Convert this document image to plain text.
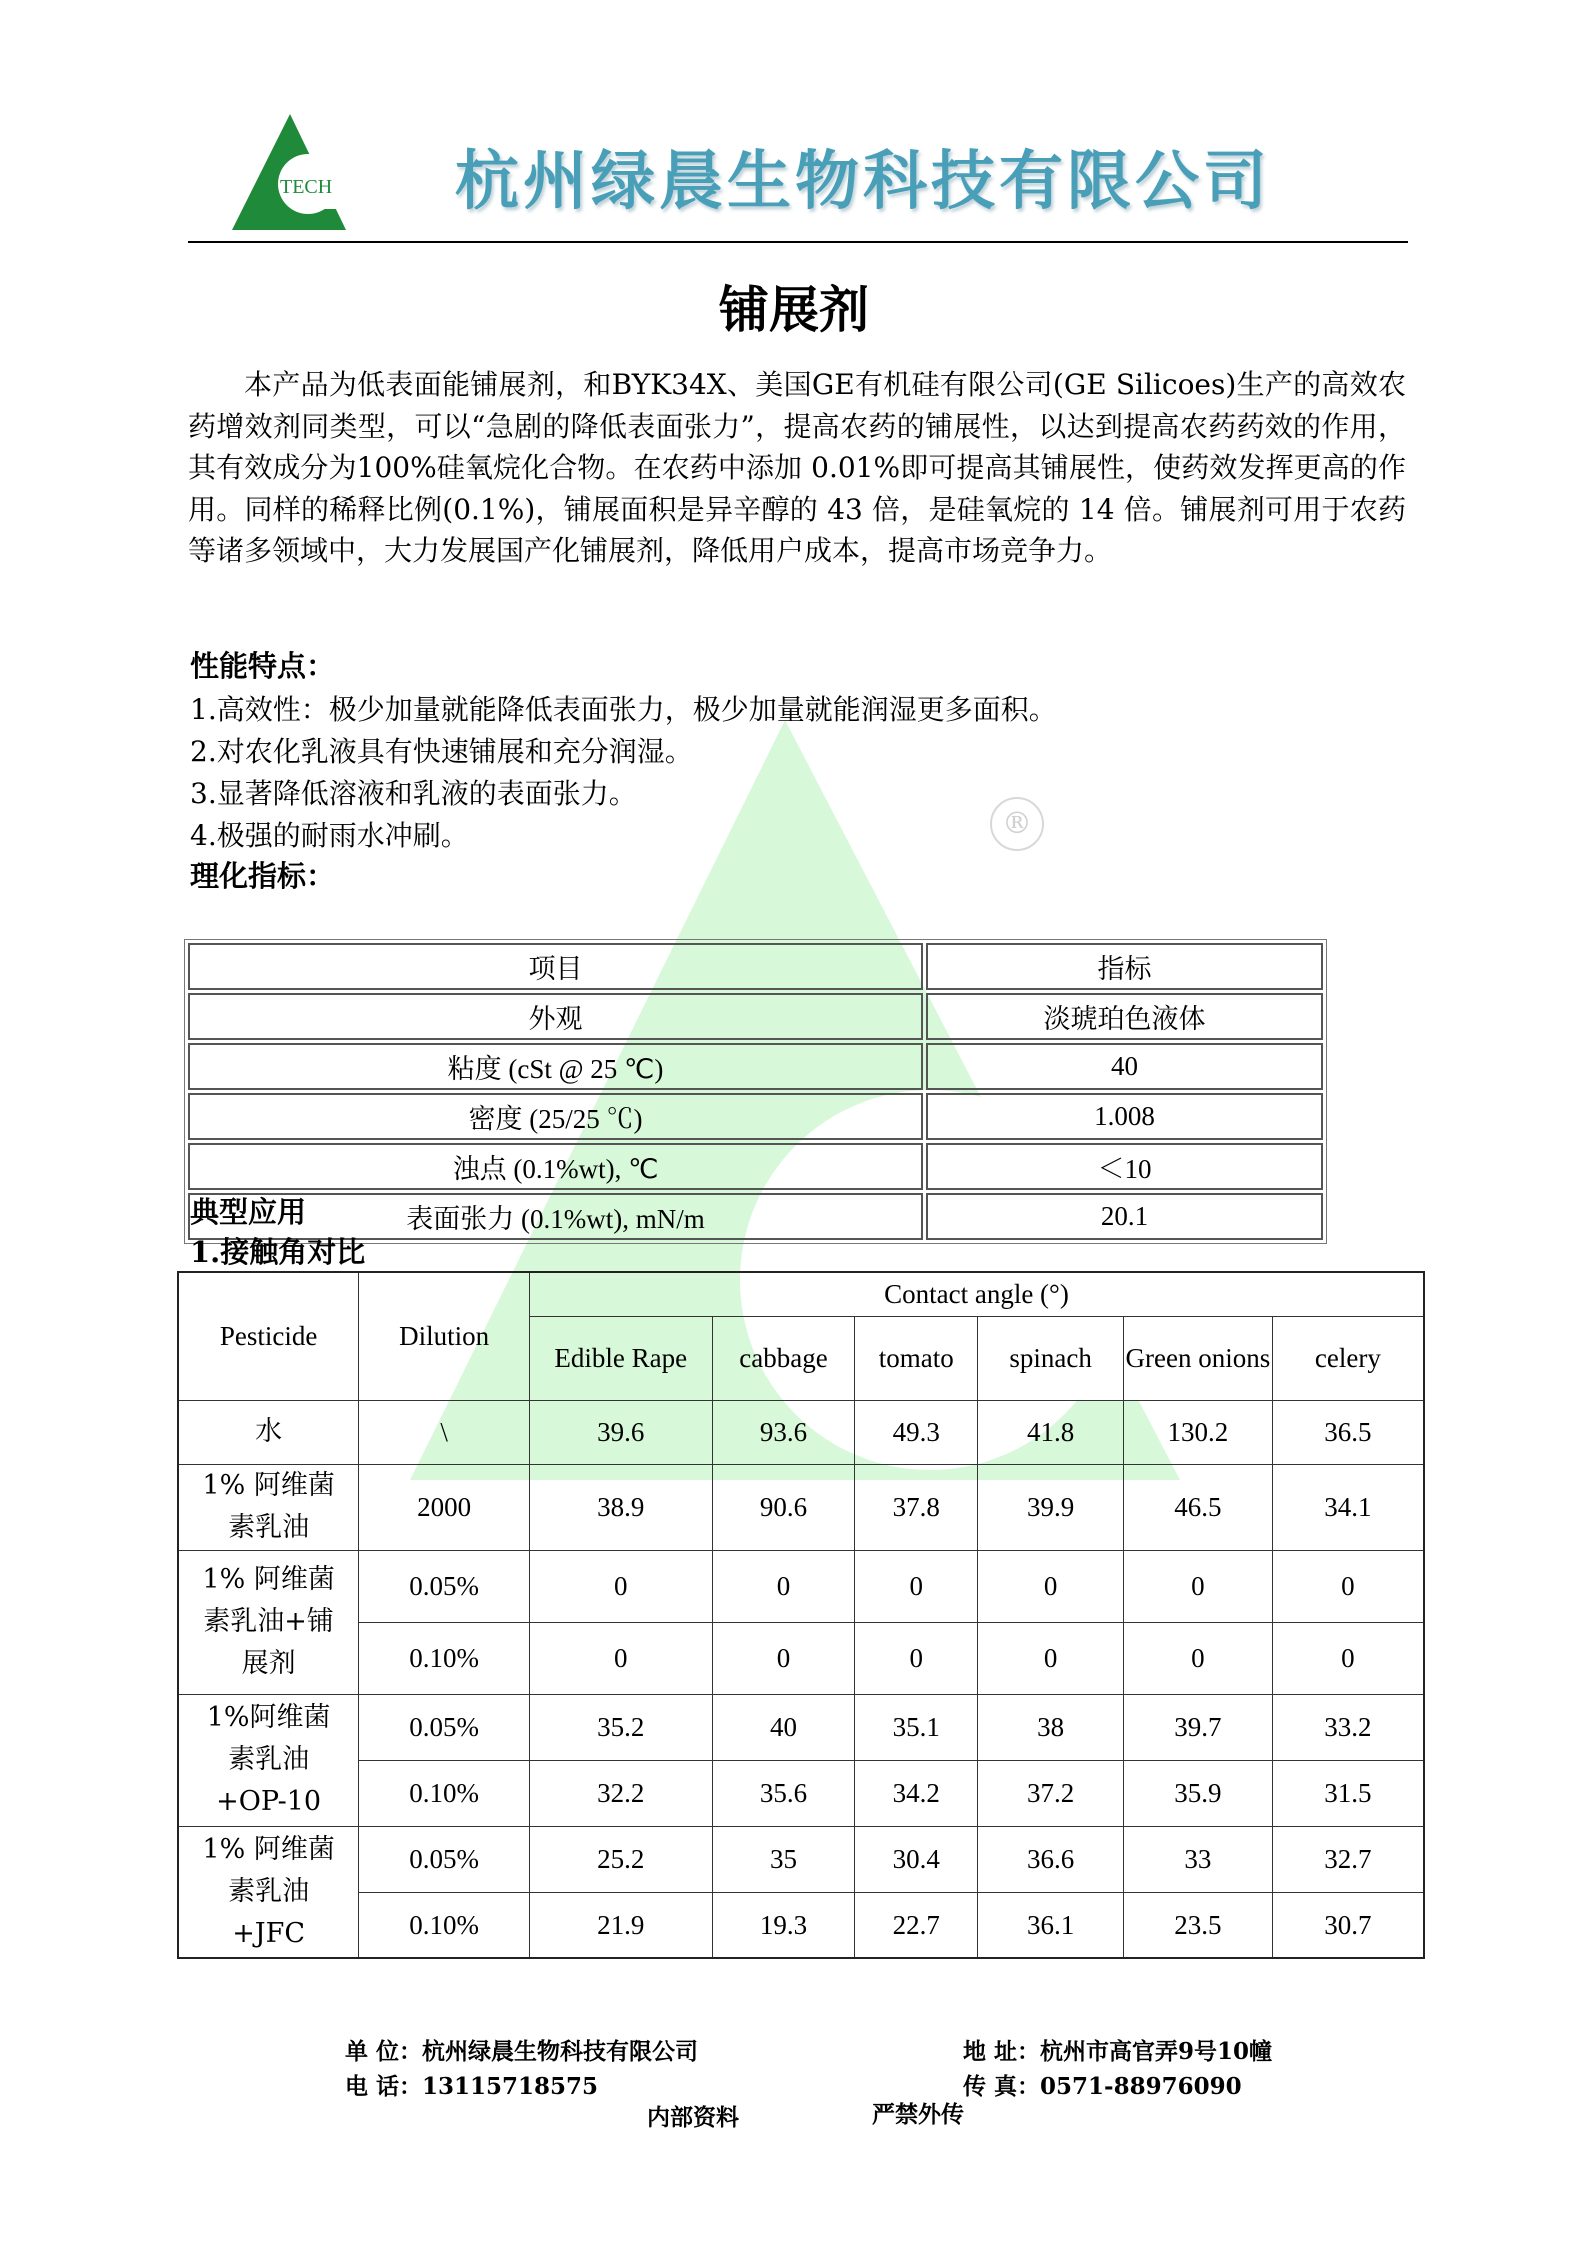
®
TECH 杭州绿晨生物科技有限公司
铺展剂
本产品为低表面能铺展剂，和BYK34X、美国GE有机硅有限公司(GE Silicoes)生产的高效农药增效剂同类型，可以“急剧的降低表面张力”，提高农药的铺展性，以达到提高农药药效的作用，其有效成分为100%硅氧烷化合物。在农药中添加 0.01%即可提高其铺展性，使药效发挥更高的作用。同样的稀释比例(0.1%)，铺展面积是异辛醇的 43 倍，是硅氧烷的 14 倍。铺展剂可用于农药等诸多领域中，大力发展国产化铺展剂，降低用户成本，提高市场竞争力。
性能特点：
1.高效性：极少加量就能降低表面张力，极少加量就能润湿更多面积。
2.对农化乳液具有快速铺展和充分润湿。
3.显著降低溶液和乳液的表面张力。
4.极强的耐雨水冲刷。
理化指标：
项目	指标
外观	淡琥珀色液体
粘度 (cSt @ 25 ℃)	40
密度 (25/25 ℃)	1.008
浊点 (0.1%wt), ℃	＜10
表面张力 (0.1%wt), mN/m	20.1
典型应用
1.接触角对比
Pesticide	Dilution	Contact angle (°)					
		Edible Rape	cabbage	tomato	spinach	Green onions	celery
水	\	39.6	93.6	49.3	41.8	130.2	36.5
1% 阿维菌素乳油	2000	38.9	90.6	37.8	39.9	46.5	34.1
1% 阿维菌素乳油+铺展剂	0.05%	0	0	0	0	0	0
	0.10%	0	0	0	0	0	0
1%阿维菌素乳油+OP-10	0.05%	35.2	40	35.1	38	39.7	33.2
	0.10%	32.2	35.6	34.2	37.2	35.9	31.5
1% 阿维菌素乳油+JFC	0.05%	25.2	35	30.4	36.6	33	32.7
	0.10%	21.9	19.3	22.7	36.1	23.5	30.7
单 位：杭州绿晨生物科技有限公司
电 话：13115718575
地 址：杭州市高官弄9号10幢
传 真：0571-88976090
内部资料	严禁外传
